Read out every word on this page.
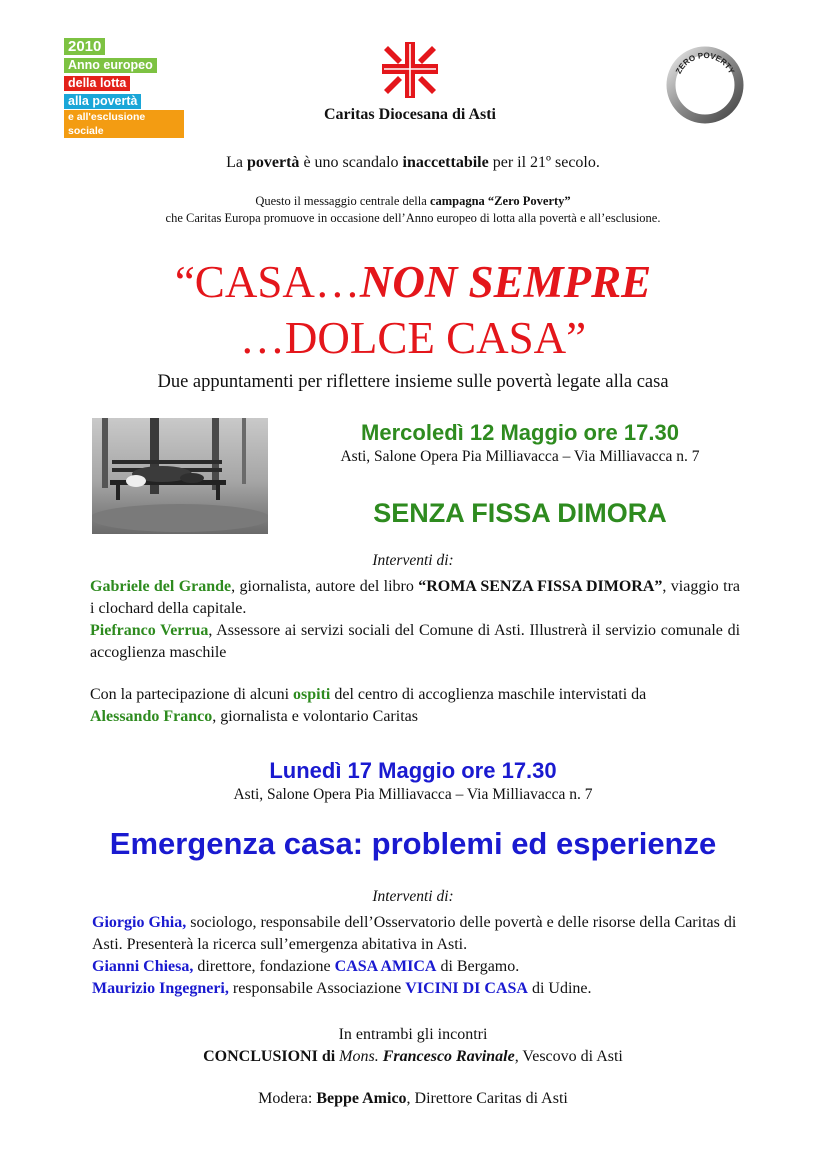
2010
Anno europeo
della lotta
alla povertà
e all'esclusione sociale
Caritas Diocesana di Asti
ZERO POVERTY
La povertà è uno scandalo inaccettabile per il 21º secolo.
Questo il messaggio centrale della campagna “Zero Poverty”
che Caritas Europa promuove in occasione dell’Anno europeo di lotta alla povertà e all’esclusione.
“CASA…NON SEMPRE
…DOLCE CASA”
Due appuntamenti per riflettere insieme sulle povertà legate alla casa
Mercoledì 12 Maggio ore 17.30
Asti, Salone Opera Pia Milliavacca – Via Milliavacca n. 7
SENZA FISSA DIMORA
Interventi di:

Gabriele del Grande, giornalista, autore del libro “ROMA SENZA FISSA DIMORA”, viaggio tra i clochard della capitale.

Piefranco Verrua, Assessore ai servizi sociali del Comune di Asti. Illustrerà il servizio comunale di accoglienza maschile

Con la partecipazione di alcuni ospiti del centro di accoglienza maschile intervistati da
Alessando Franco, giornalista e volontario Caritas
Lunedì 17 Maggio ore 17.30
Asti, Salone Opera Pia Milliavacca – Via Milliavacca n. 7
Emergenza casa: problemi ed esperienze
Interventi di:

Giorgio Ghia, sociologo, responsabile dell’Osservatorio delle povertà e delle risorse della Caritas di Asti. Presenterà la ricerca sull’emergenza abitativa in Asti.

Gianni Chiesa, direttore, fondazione CASA AMICA di Bergamo.

Maurizio Ingegneri, responsabile Associazione VICINI DI CASA di Udine.

In entrambi gli incontri
CONCLUSIONI di Mons. Francesco Ravinale, Vescovo di Asti
Modera: Beppe Amico, Direttore Caritas di Asti
